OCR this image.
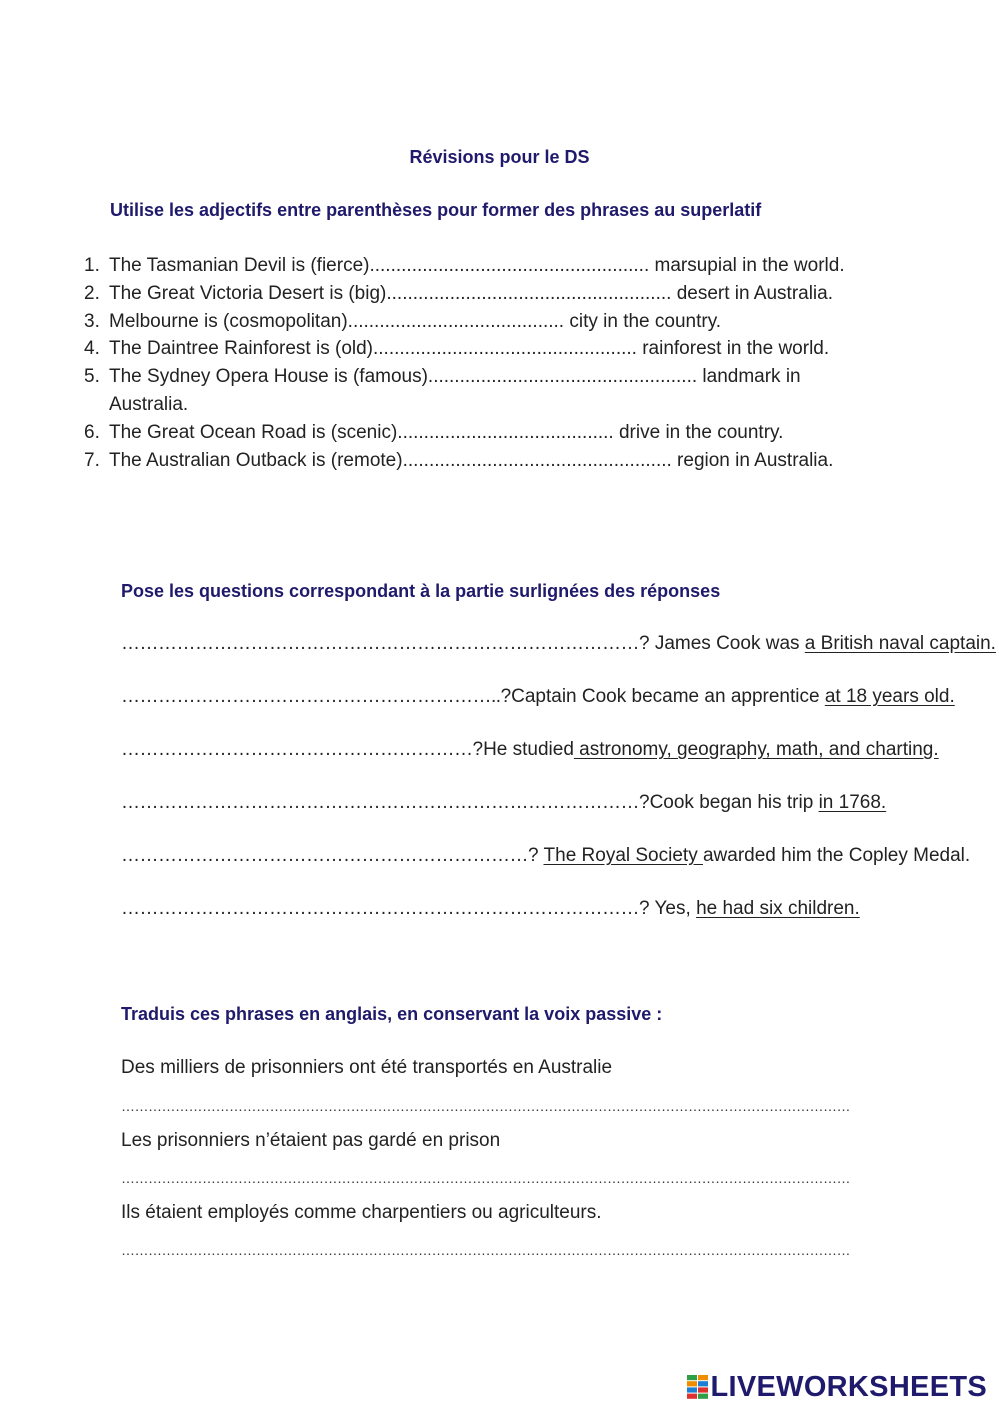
Révisions pour le DS
Utilise les adjectifs entre parenthèses pour former des phrases au superlatif
1. The Tasmanian Devil is (fierce)..................................................... marsupial in the world.
2. The Great Victoria Desert is (big)...................................................... desert in Australia.
3. Melbourne is (cosmopolitan)......................................... city in the country.
4. The Daintree Rainforest is (old).................................................. rainforest in the world.
5. The Sydney Opera House is (famous)................................................... landmark in Australia.
6. The Great Ocean Road is (scenic)......................................... drive in the country.
7. The Australian Outback is (remote)................................................... region in Australia.
Pose les questions correspondant à la partie surlignées des réponses
…………………………………………………………………………? James Cook was a British naval captain.
……………………………………………………..?Captain Cook became an apprentice at 18 years old.
…………………………………………………?He studied astronomy, geography, math, and charting.
…………………………………………………………………………?Cook began his trip in 1768.
…………………………………………………………? The Royal Society awarded him the Copley Medal.
…………………………………………………………………………? Yes, he had six children.
Traduis ces phrases en anglais, en conservant la voix passive :
Des milliers de prisonniers ont été transportés en Australie
………………………………………………………………………………………………………………………………………………
Les prisonniers n’étaient pas gardé en prison
………………………………………………………………………………………………………………………………………………
Ils étaient employés comme charpentiers ou agriculteurs.
………………………………………………………………………………………………………………………………………………
LIVEWORKSHEETS
